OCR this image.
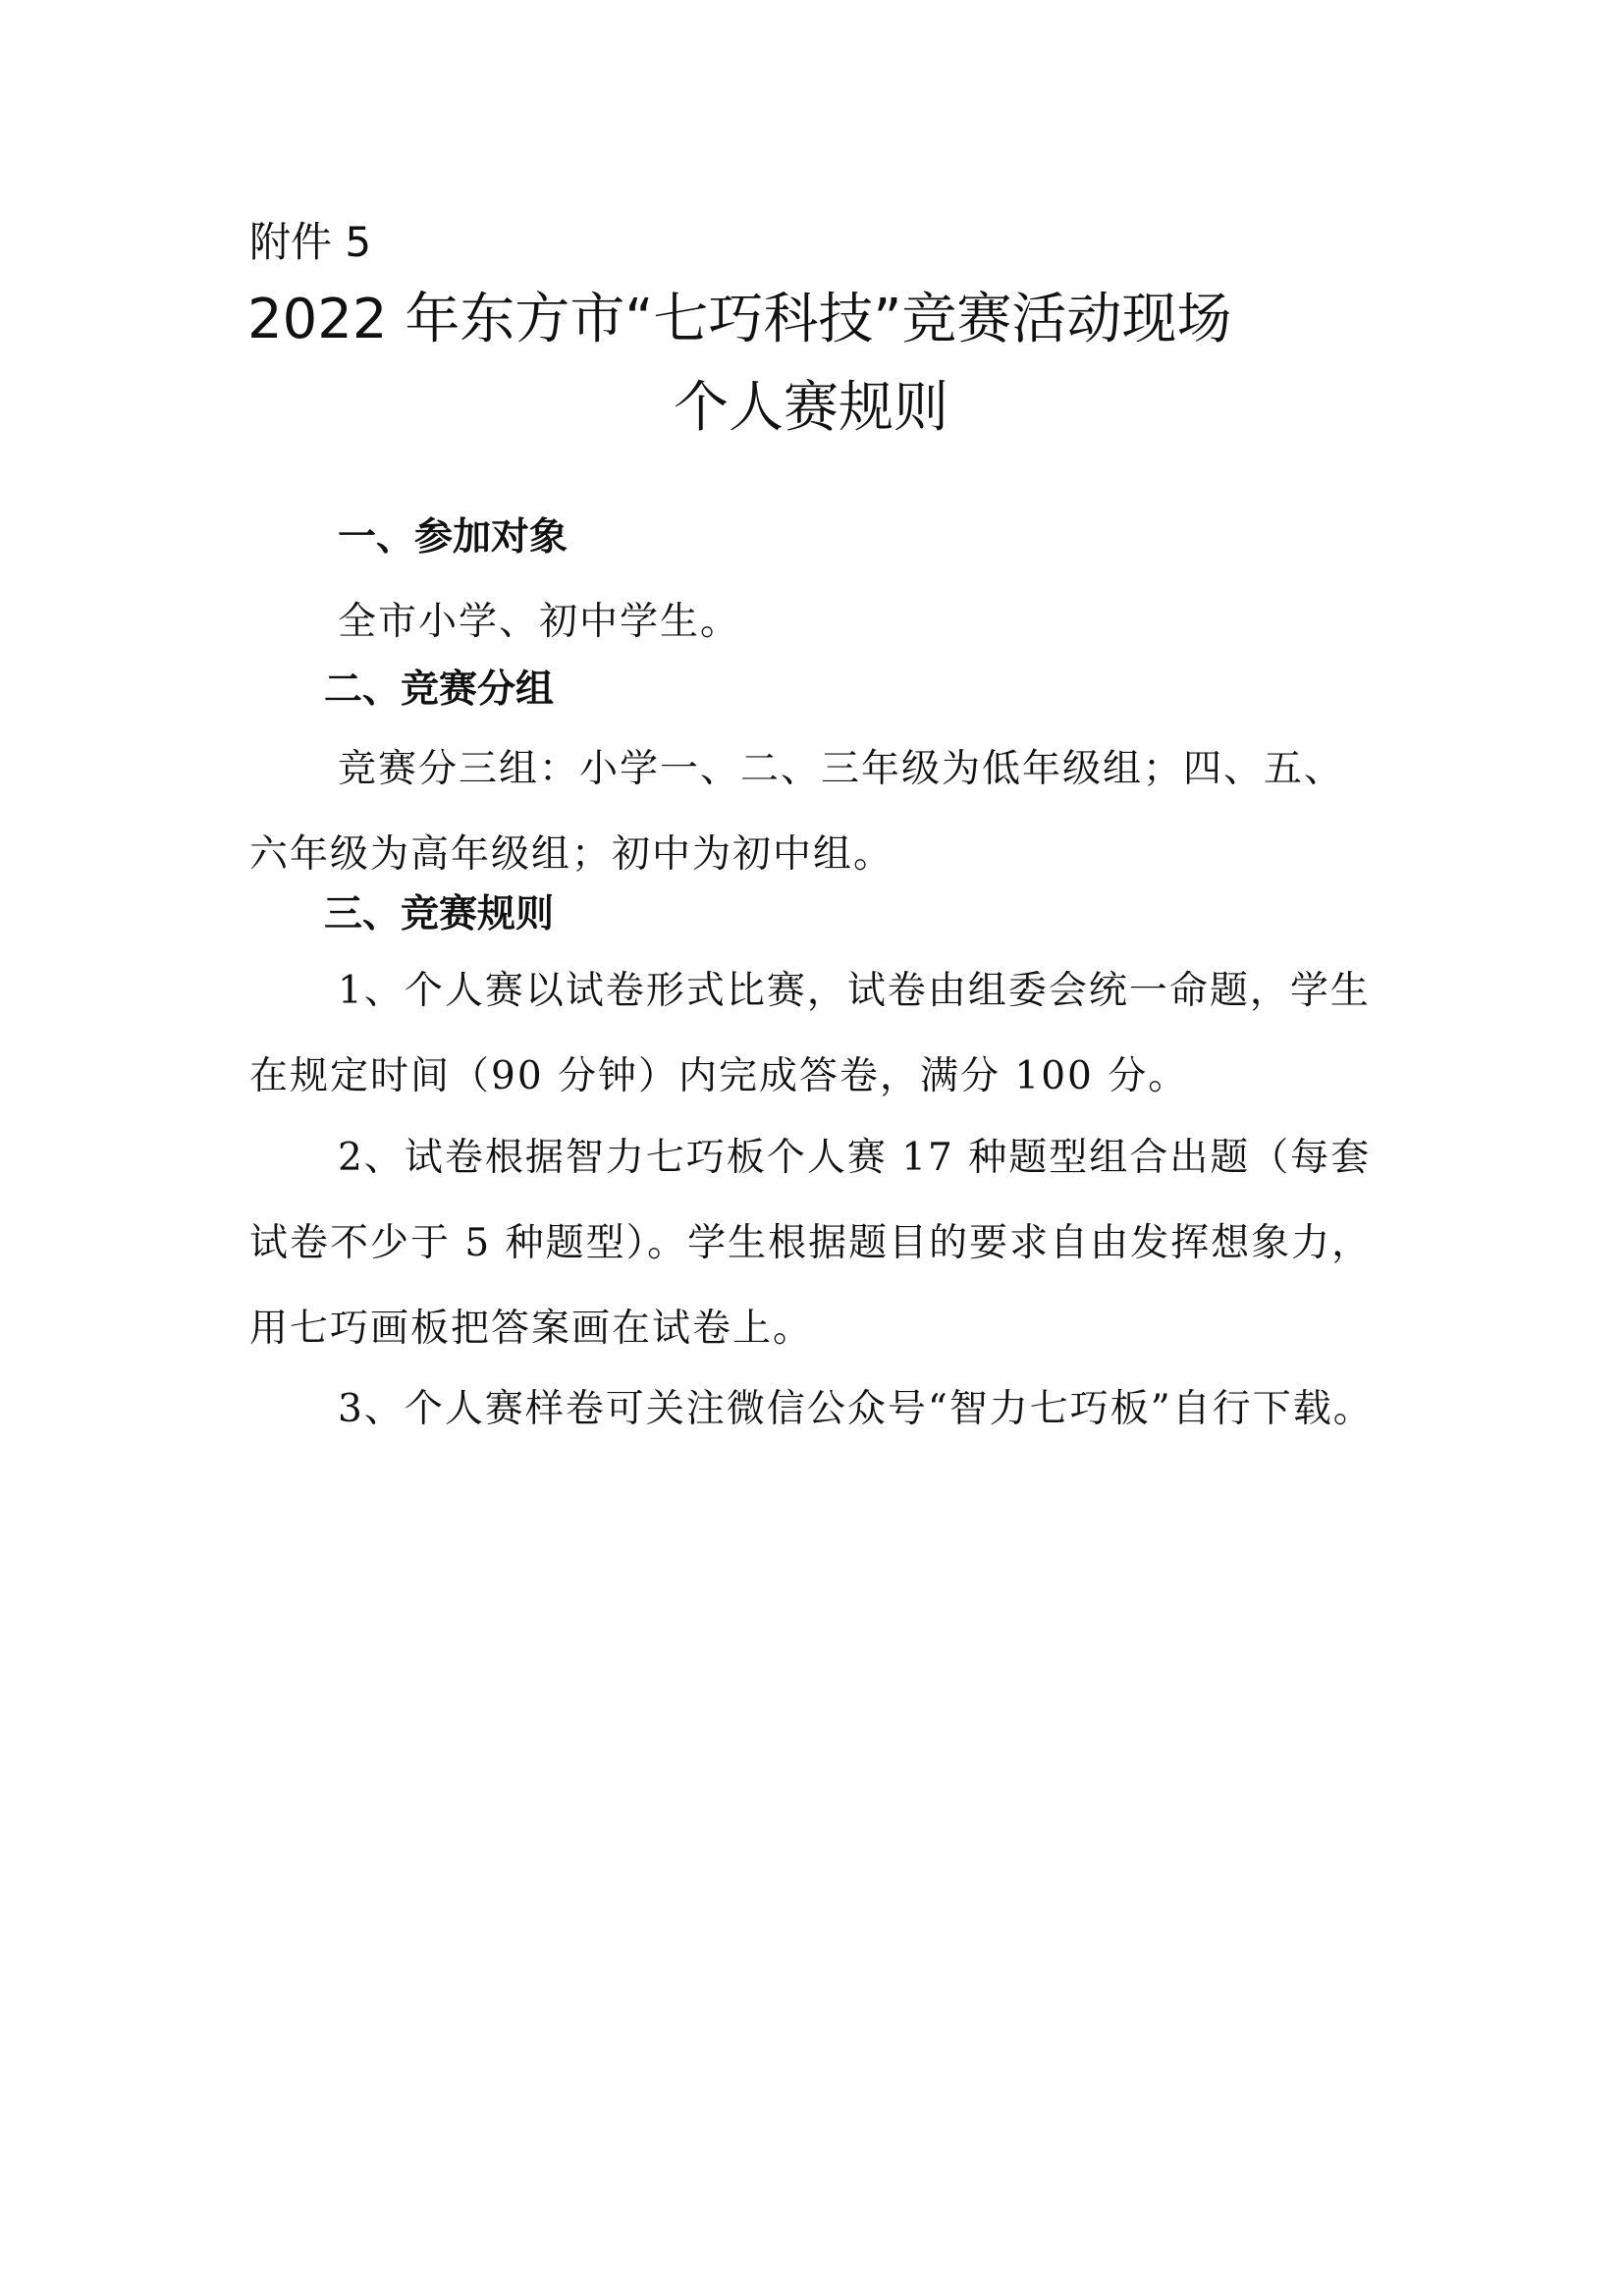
附件 5
2022 年东方市“七巧科技”竞赛活动现场
个人赛规则
一、参加对象

全市小学、初中学生。

二、竞赛分组

竞赛分三组：小学一、二、三年级为低年级组；四、五、六年级为高年级组；初中为初中组。

三、竞赛规则

1、个人赛以试卷形式比赛，试卷由组委会统一命题，学生在规定时间（90 分钟）内完成答卷，满分 100 分。

2、试卷根据智力七巧板个人赛 17 种题型组合出题（每套试卷不少于 5 种题型）。学生根据题目的要求自由发挥想象力，用七巧画板把答案画在试卷上。

3、个人赛样卷可关注微信公众号“智力七巧板”自行下载。
